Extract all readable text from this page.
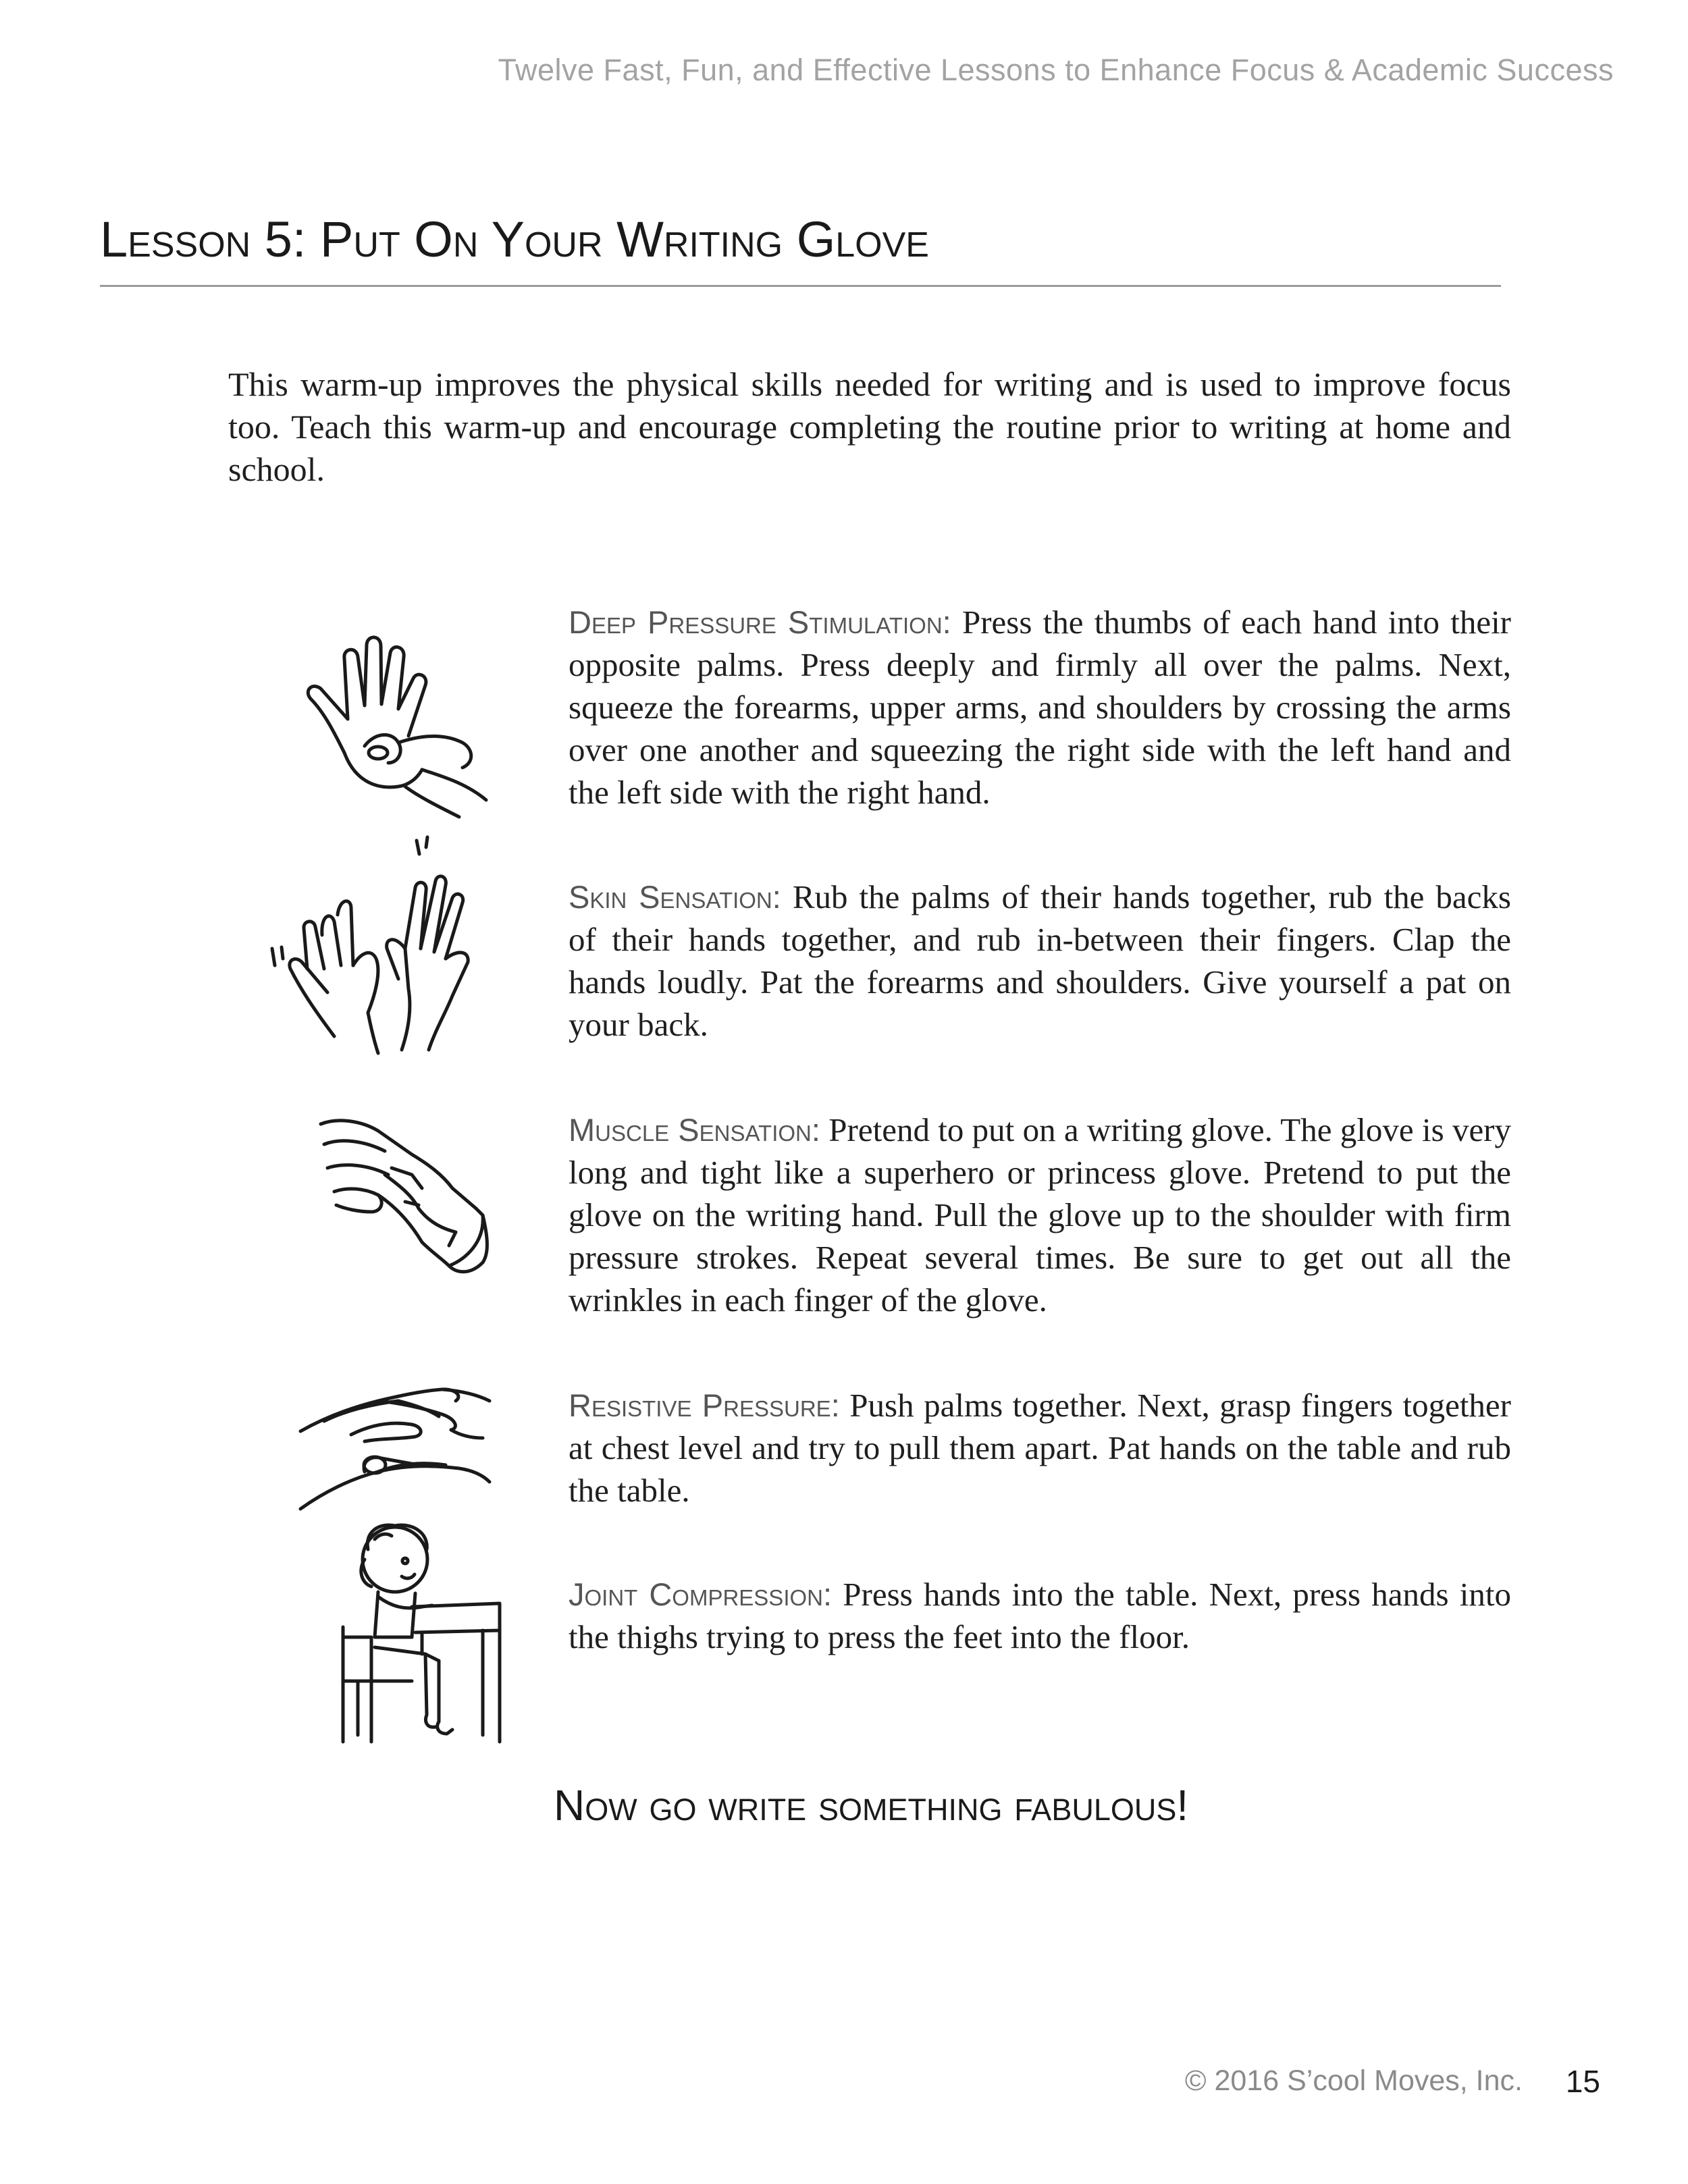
Twelve Fast, Fun, and Effective Lessons to Enhance Focus & Academic Success
Lesson 5: Put On Your Writing Glove

This warm-up improves the physical skills needed for writing and is used to improve focus too. Teach this warm-up and encourage completing the routine prior to writing at home and school.

Deep Pressure Stimulation: Press the thumbs of each hand into their opposite palms. Press deeply and firmly all over the palms. Next, squeeze the forearms, upper arms, and shoulders by crossing the arms over one another and squeezing the right side with the left hand and the left side with the right hand.

Skin Sensation: Rub the palms of their hands together, rub the backs of their hands together, and rub in-between their fingers. Clap the hands loudly. Pat the forearms and shoulders. Give yourself a pat on your back.

Muscle Sensation: Pretend to put on a writing glove. The glove is very long and tight like a superhero or princess glove. Pretend to put the glove on the writing hand. Pull the glove up to the shoulder with firm pressure strokes. Repeat several times. Be sure to get out all the wrinkles in each finger of the glove.

Resistive Pressure: Push palms together. Next, grasp fingers together at chest level and try to pull them apart. Pat hands on the table and rub the table.

Joint Compression: Press hands into the table. Next, press hands into the thighs trying to press the feet into the floor.

Now go write something fabulous!

© 2016 S’cool Moves, Inc. 15
